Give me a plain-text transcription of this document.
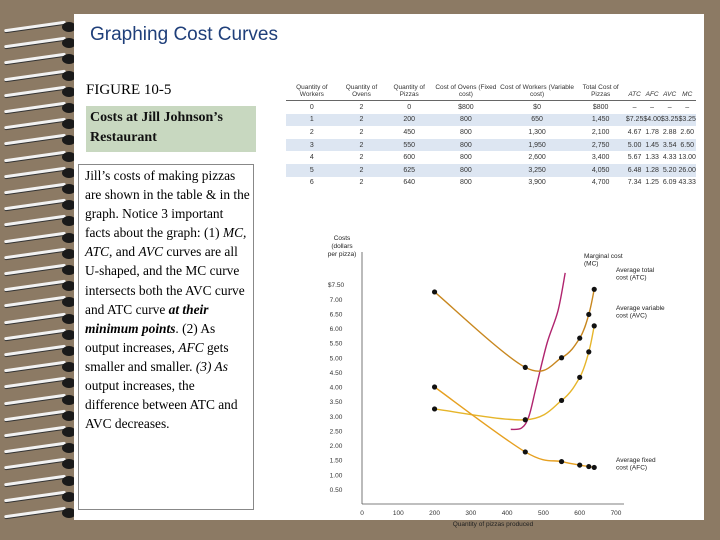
Graphing Cost Curves
FIGURE 10-5
Costs at Jill Johnson’s Restaurant
Jill’s costs of making pizzas are shown in the table & in the graph. Notice 3 important facts about the graph: (1) MC, ATC, and AVC curves are all U-shaped, and the MC curve intersects both the AVC curve and ATC curve at their minimum points. (2) As output increases, AFC gets smaller and smaller. (3) As output increases, the difference between ATC and AVC decreases.
Quantity of Workers	Quantity of Ovens	Quantity of Pizzas	Cost of Ovens (Fixed cost)	Cost of Workers (Variable cost)	Total Cost of Pizzas	ATC	AFC	AVC	MC
0	2	0	$800	$0	$800	–	–	–	–
1	2	200	800	650	1,450	$7.25	$4.00	$3.25	$3.25
2	2	450	800	1,300	2,100	4.67	1.78	2.88	2.60
3	2	550	800	1,950	2,750	5.00	1.45	3.54	6.50
4	2	600	800	2,600	3,400	5.67	1.33	4.33	13.00
5	2	625	800	3,250	4,050	6.48	1.28	5.20	26.00
6	2	640	800	3,900	4,700	7.34	1.25	6.09	43.33
Costs (dollars per pizza)
$7.50
7.00
6.50
6.00
5.50
5.00
4.50
4.00
3.50
3.00
2.50
2.00
1.50
1.00
0.50
0	100	200	300	400	500	600	700
Quantity of pizzas produced
Marginal cost (MC)
Average total cost (ATC)
Average variable cost (AVC)
Average fixed cost (AFC)
